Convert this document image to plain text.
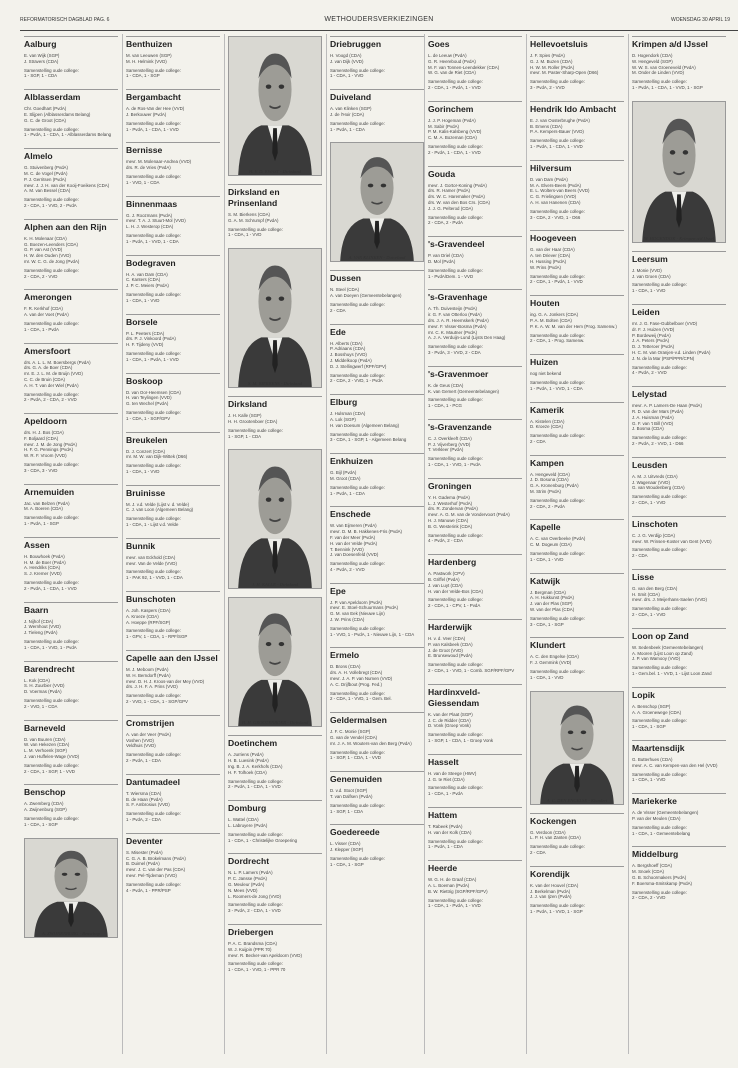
REFORMATORISCH DAGBLAD PAG. 6	WETHOUDERSVERKIEZINGEN	WOENSDAG 30 APRIL 19
Aalburg
E. van Wijk (SGP)
J. Stravers (CDA)
Samenstelling oude college:
1 - SGP, 1 - CDA
Alblasserdam
Chr. Goedhart (PvdA)
E. Slijpen (Alblasserdams Belang)
G. C. de Groot (CDA)
Samenstelling oude college:
1 - PvdA, 1 - CDA, 1 - Alblasserdams Belang
Almelo
G. Stuivenberg (PvdA)
M. C. de Vogel (PvdA)
P. J. Gerritsen (PvdA)
mevr. J. J. H. van der Kooij-Foeikens (CDA)
A. M. van Bessel (CDA)
Samenstelling oude college:
2 - CDA, 1 - VVD, 2 - PvdA
Alphen aan den Rijn
K. H. Molenaar (CDA)
G. Boezen-Leenders (CDA)
G. P. van Ast (VVD)
H. W. den Ouden (VVD)
mr. W. C. G. de Jong (PvdA)
Samenstelling oude college:
2 - CDA, 2 - VVD
Amerongen
F. R. Kerkhof (CDA)
A. van der Voet (PvdA)
Samenstelling oude college:
1 - CDA, 1 - PvdA
Amersfoort
drs. A. L. L. M. Boersbergs (PvdA)
drs. G. A. de Boer (CDA)
mr. E. J. L. M. de Bruijn (VVD)
C. C. de Bruin (CDA)
A. H. T. van der Wiel (PvdA)
Samenstelling oude college:
2 - PvdA, 2 - CDA, 2 - VVD
Apeldoorn
drs. H. J. Bos (CDA)
F. Boljaard (CDA)
mevr. J. M. de Jong (PvdA)
H. F. G. Pennings (PvdA)
W. R. F. Vroom (VVD)
Samenstelling oude college:
3 - CDA, 3 - VVD
Arnemuiden
Jac. van Belzen (PvdA)
M. A. Boeren (CDA)
Samenstelling oude college:
1 - PvdA, 1 - SGP
Assen
H. Bouwhoek (PvdA)
H. M. de Boer (PvdA)
A. Hendriks (CDA)
S. J. Kremer (VVD)
Samenstelling oude college:
2 - PvdA, 1 - CDA, 1 - VVD
Baarn
J. Nijhof (CDA)
J. Wernhout (VVD)
J. Tieleng (PvdA)
Samenstelling oude college:
1 - CDA, 1 - VVD, 1 - PvdA
Barendrecht
L. Kok (CDA)
S. H. Zuurbier (VVD)
D. Voermas (PvdA)
Samenstelling oude college:
2 - VVD, 1 - CDA
Barneveld
D. van Buuren (CDA)
W. van Hekezen (CDA)
L. M. Verhoenk (SGP)
J. van Huffelen-Wage (VVD)
Samenstelling oude college:
2 - CDA, 1 - SGP, 1 - VVD
Benschop
A. Zwemberg (CDA)
A. Zwijnenburg (SGP)
Samenstelling oude college:
1 - CDA, 1 - SGP
A. ZWIJNENBURG - Benschop
Benthuizen
M. van Leeuwen (SGP)
M. H. Helmink (VVD)
Samenstelling oude college:
1 - CDA, 1 - SGP
Bergambacht
A. de Ros-Van der Hee (VVD)
J. Berkouwer (PvdA)
Samenstelling oude college:
1 - PvdA, 1 - CDA, 1 - VVD
Bernisse
mevr. M. Molenaar-Andrea (VVD)
drs. R. de Vries (PvdA)
Samenstelling oude college:
1 - VVD, 1 - CDA
Binnenmaas
G. J. Roozmans (PvdA)
mevr. T. A. J. Stuurt-Mol (VVD)
L. H. J. Westerop (CDA)
Samenstelling oude college:
1 - PvdA, 1 - VVD, 1 - CDA
Bodegraven
H. A. van Dam (CDA)
C. Kanters (CDA)
J. P. C. Meiers (PvdA)
Samenstelling oude college:
1 - CDA, 1 - VVD
Borsele
P. L. Peeters (CDA)
drs. P. J. Vinkoord (PvdA)
H. F. Tijdeny (VVD)
Samenstelling oude college:
1 - CDA, 1 - PvdA, 1 - VVD
Boskoop
D. van Oor-Heemsen (CDA)
H. van Teylingen (VVD)
G. ten Wechel (PvdA)
Samenstelling oude college:
1 - CDA, 1 - SGP/GPV
Breukelen
D. J. Conzert (CDA)
mr. M. W. van Dijk-Wittek (D66)
Samenstelling oude college:
1 - CDA, 1 - VVD
Bruinisse
M. J. v.d. Velde (Lijst v. d. Velde)
C. J. van Loon (Algemeen Belang)
Samenstelling oude college:
1 - CDA, 1 - Lijst v.d. Velde
Bunnik
mevr. van Eckhold (CDA)
mevr. Van de Velde (VVD)
Samenstelling oude college:
1 - PAK 92, 1 - VVD, 1 - CDA
Bunschoten
A. Joh. Kaspers (CDA)
A. Kroeze (CDA)
A. Hoeppe (RPF/SGP)
Samenstelling oude college:
1 - GPV, 1 - CDA, 1 - RPF/SGP
Capelle aan den IJssel
M. J. Meboom (PvdA)
W. H. Berndorff (PvdA)
mevr. D. H. J. Kroos-van der Mey (VVD)
drs. J. H. F. A. Prins (VVD)
Samenstelling oude college:
2 - VVD, 1 - CDA, 1 - SGP/GPV
Cromstrijen
A. van der Veer (PvdA)
Voshen (VVD)
Veldhuis (VVD)
Samenstelling oude college:
2 - PvdA, 1 - CDA
Dantumadeel
T. Wiersma (CDA)
B. de Haan (PvdA)
S. F. Ambrosius (VVD)
Samenstelling oude college:
1 - PvdA, 2 - CDA
Deventer
S. Misester (PvdA)
C. G. A. B. Brokelmans (PvdA)
B. Duimel (PvdA)
mevr. J. C. van der Pas (CDA)
mevr. Pel-Tijdeman (VVD)
Samenstelling oude college:
4 - PvdA, 1 - PPR/PSP
H. V. D. KWAST - Dirksland
Dirksland en Prinsenland
S. M. Bierkens (CDA)
G. A. M. Schrumpf (PvdA)
Samenstelling oude college:
1 - CDA, 1 - VVD
S. M. BIERKENS - Dirksland
Dirksland
J. H. Kalle (SGP)
H. H. Grootenboer (CDA)
Samenstelling oude college:
1 - SGP, 1 - CDA
J. H. KALLE - Dirksland
H. H. GROOTENBOER - Dirksland
Doetinchem
A. Jurriens (PvdA)
H. B. Luesink (PvdA)
Ing. B. J. A. Kerkhofs (CDA)
H. F. Tolhoek (CDA)
Samenstelling oude college:
2 - PvdA, 1 - CDA, 1 - VVD
Domburg
L. Wattel (CDA)
L. Labruyere (PvdA)
Samenstelling oude college:
1 - CDA, 1 - Christelijke Groepering
Dordrecht
N. L. P. Lamers (PvdA)
P. C. Jansse (PvdA)
G. Meuleur (PvdA)
N. Mees (VVD)
L. Roomers-de Jong (VVD)
Samenstelling oude college:
3 - PvdA, 2 - CDA, 1 - VVD
Driebergen
P. A. C. Brandsma (CDA)
W. J. Kuijpin (PPR 70)
mevr. R. Becker-van Apeldoorn (VVD)
Samenstelling oude college:
1 - CDA, 1 - VVD, 1 - PPR 70
Driebruggen
H. Voogd (CDA)
J. van Dijk (VVD)
Samenstelling oude college:
1 - CDA, 1 - VVD
Duiveland
A. van Klinken (SGP)
J. de l'Hoir (CDA)
Samenstelling oude college:
1 - PvdA, 1 - CDA
A. VAN KLINKEN - Duiveland
Dussen
N. Steel (CDA)
A. van Doeyen (Gemeentebelangen)
Samenstelling oude college:
2 - CDA
Ede
H. Alberts (CDA)
P. Adriaans (CDA)
J. Bosshuys (VVD)
J. Middelkoop (PvdA)
D. J. Stellingwerf (RPF/GPV)
Samenstelling oude college:
2 - CDA, 2 - VVD, 1 - PvdA
Elburg
J. Hulsman (CDA)
A. Lok (SGP)
H. van Doesum (Algemeen Belang)
Samenstelling oude college:
3 - CDA, 1 - SGP, 1 - Algemeen Belang
Enkhuizen
G. Bijl (PvdA)
M. Groot (CDA)
Samenstelling oude college:
1 - PvdA, 1 - CDA
Enschede
W. van Eijmeren (PvdA)
mevr. D. M. B. Hakkenes-Fris (PvdA)
F. van der Meer (PvdA)
H. van der Velde (PvdA)
T. Bennink (VVD)
J. van Doesenfeld (VVD)
Samenstelling oude college:
4 - PvdA, 2 - VVD
Epe
J. P. van Apeldoorn (PvdA)
mevr. E. Stoel-Schuurmans (PvdA)
G. M. van Eek (Nieuwe Lijn)
J. W. Prins (CDA)
Samenstelling oude college:
1 - VVD, 1 - PvdA, 1 - Nieuwe Lijn, 1 - CDA
Ermelo
D. Brons (CDA)
drs. A. H. Vollebregt (CDA)
mevr. J. A. P. van Numen (VVD)
A. C. Drijfbout (Prog. Fed.)
Samenstelling oude college:
2 - CDA, 1 - VVD, 1 - Gem. Bel.
Geldermalsen
J. F. C. Monie (SGP)
G. van de Vendel (CDA)
mr. J. A. M. Wouters-van den Berg (PvdA)
Samenstelling oude college:
1 - SGP, 1 - CDA, 1 - VVD
Genemuiden
D. v.d. Stoot (SGP)
T. van Dalfsen (PvdA)
Samenstelling oude college:
1 - SGP, 1 - CDA
Goedereede
L. Visser (CDA)
J. Klepper (SGP)
Samenstelling oude college:
1 - CDA, 1 - SGP
Goes
L. de Leeuw (PvdA)
G. R. Heereboud (PvdA)
M. F. van Tonnen-Leendekker (CDA)
W. G. van de Riet (CDA)
Samenstelling oude college:
2 - CDA, 1 - PvdA, 1 - VVD
Gorinchem
J. J. P. Hogeman (PvdA)
M. Sabir (PvdA)
P. M. Kalis-Kalsbeng (VVD)
C. M. A. Bozeman (CDA)
Samenstelling oude college:
2 - PvdA, 1 - CDA, 1 - VVD
Gouda
mevr. J. Gortor-Koning (PvdA)
drs. R. Hamer (PvdA)
drs. W. C. Haremaker (PvdA)
drs. W. van den Bos Crs. (CDA)
J. J. G. Pelterod (CDA)
Samenstelling oude college:
2 - CDA, 2 - PvdA
's-Gravendeel
P. van Driel (CDA)
D. Mol (PvdA)
Samenstelling oude college:
1 - PvdA/Dem. 1 - VVD
's-Gravenhage
A. Th. Duivesteijn (PvdA)
ir. G. F. van Otterloo (PvdA)
drs. J. A. R. Heemskerk (PvdA)
mevr. F. Visser-Bosma (PvdA)
mr. C. K. Mautner (PvdA)
A. J. A. Verduijn-Lund (Lijsts Den Haag)
Samenstelling oude college:
3 - PvdA, 3 - VVD, 2 - CDA
's-Gravenmoer
K. de Geus (CDA)
K. van Gemert (Gemeentebelangen)
Samenstelling oude college:
1 - CDA, 1 - PCG
's-Gravenzande
C. J. Overkleeft (CDA)
P. J. Vijverberg (VVD)
T. Verkleer (PvdA)
Samenstelling oude college:
1 - CDA, 1 - VVD, 1 - PvdA
Groningen
Y. H. Gadema (PvdA)
L. J. Westerhof (PvdA)
drs. R. Zondervan (PvdA)
mevr. A. G. M. van de Vondervoort (PvdA)
H. J. Manuwe (CDA)
B. G. Westerink (CDA)
Samenstelling oude college:
4 - PvdA, 2 - CDA
Hardenberg
A. Pastwork (CPV)
B. Griffel (PvdA)
J. van Luyt (CDA)
H. van der Velde-Bos (CDA)
Samenstelling oude college:
2 - CDA, 1 - CPV, 1 - PvdA
Harderwijk
H. v. d. Veer (CDA)
P. van Kalsbeek (CDA)
J. de Groot (VVD)
E. Brunsewoud (PvdA)
Samenstelling oude college:
2 - CDA, 1 - VVD, 1 - Comb. SGP/RPF/GPV
Hardinxveld-Giessendam
K. van der Plaat (SGP)
J. C. de Ridder (CDA)
D. Vonk (Groep Vonk)
Samenstelling oude college:
1 - SGP, 1 - CDA, 1 - Groep Vonk
Hasselt
H. van de Steege (HWV)
J. G. te Riet (CDA)
Samenstelling oude college:
1 - CDA, 1 - PvdA
Hattem
T. Rabeek (PvdA)
H. van der Kolk (CDA)
Samenstelling oude college:
1 - PvdA, 1 - CDA
Heerde
W. G. H. de Graaf (CDA)
A. L. Boeman (PvdA)
B. W. Riettrig (SGP/RPF/GPV)
Samenstelling oude college:
1 - CDA, 1 - PvdA, 1 - VVD
Hellevoetsluis
J. F. Spies (PvdA)
G. J. M. Buzen (CDA)
H. W. M. Roller (PvdA)
mevr. M. Paster-Sharp-Open (D66)
Samenstelling oude college:
3 - PvdA, 2 - VVD
Hendrik Ido Ambacht
E. J. van Oosterbrughe (PvdA)
B. Emens (CDA)
P. A. Kempers-Bauer (VVD)
Samenstelling oude college:
1 - PvdA, 1 - CDA, 1 - VVD
Hilversum
D. van Dam (PvdA)
M. A. Elvers-Beers (PvdA)
E. L. Wolters-van Beers (VVD)
C. G. Frielingsen (VVD)
A. H. van Hanenen (CDA)
Samenstelling oude college:
3 - CDA, 2 - VVD, 1 - D66
Hoogeveen
G. van der Haar (CDA)
A. ten Driever (CDA)
H. Hussing (PvdA)
W. Prins (PvdA)
Samenstelling oude college:
2 - CDA, 1 - PvdA, 1 - VVD
Houten
ing. G. A. Jonkers (CDA)
P. A. M. Bolten (CDA)
P. K. A. W. M. van der Hem (Prog. Samenw.)
Samenstelling oude college:
2 - CDA, 1 - Prog. Samenw.
Huizen
nog niet bekend
Samenstelling oude college:
1 - PvdA, 1 - VVD, 1 - CDA
Kamerik
A. Kistelen (CDA)
D. Kroeze (CDA)
Samenstelling oude college:
2 - CDA
Kampen
A. Hengeveld (CDA)
J. D. Bosuna (CDA)
G. A. Kronenburg (PvdA)
M. Strim (PvdA)
Samenstelling oude college:
2 - CDA, 2 - PvdA
Kapelle
A. C. van Overbeeke (PvdA)
C. M. Dogeum (CDA)
Samenstelling oude college:
1 - CDA, 1 - VVD
Katwijk
J. Bergman (CDA)
A. H. Hukkunst (PvdA)
J. van der Plas (SGP)
W. van der Plas (CDA)
Samenstelling oude college:
3 - CDA, 1 - SGP
Klundert
A. C. den Engelse (CDA)
F. J. Gemmink (VVD)
Samenstelling oude college:
1 - CDA, 1 - VVD
A. C. DEN ENGELSE - Klundert
Kockengen
G. Verdoon (CDA)
L. P. H. van Zanten (CDA)
Samenstelling oude college:
2 - CDA
Korendijk
K. van der Houvel (CDA)
J. Berkelman (PvdA)
J. J. van Ijzen (PvdA)
Samenstelling oude college:
1 - PvdA, 1 - VVD, 1 - SGP
Krimpen a/d IJssel
D. Hogendork (CDA)
W. Hengeveld (SGP)
W. W. S. van Groeneveld (PvdA)
M. Onder de Linden (VVD)
Samenstelling oude college:
1 - PvdA, 1 - CDA, 1 - VVD, 1 - SGP
W. HOGENDIJK - Krimpen a/d IJssel
Leersum
J. Monie (VVD)
J. van Groen (CDA)
Samenstelling oude college:
1 - CDA, 1 - VVD
Leiden
mr. J. G. Fase-Gubbelboer (VVD)
dr. F. J. Huizen (VVD)
P. Bordeweij (PvdA)
J. A. Peters (PvdA)
D. J. Tetteroer (PvdA)
H. C. M. van Oranjen-v.d. Linden (PvdA)
J. N. de la Mar (PSP/PPR/CPN)
Samenstelling oude college:
4 - PvdA, 2 - VVD
Lelystad
mevr. A. P. Lamers-De Haan (PvdA)
R. D. van der Mars (PvdA)
J. A. Huisman (PvdA)
G. F. van 't Bill (VVD)
J. Bosma (CDA)
Samenstelling oude college:
2 - PvdA, 2 - VVD, 1 - D66
Leusden
A. M. J. Uitvreds (CDA)
J. Wagenaar (VVD)
G. van Woudenberg (CDA)
Samenstelling oude college:
2 - CDA, 1 - VVD
Linschoten
C. J. G. Verdijp (CDA)
mevr. W. Prinsen-Koster van Gent (VVD)
Samenstelling oude college:
2 - CDA
Lisse
G. van den Berg (CDA)
H. Smit (CDA)
mevr. drs. J. Meijerhans-Saelen (VVD)
Samenstelling oude college:
2 - CDA, 1 - VVD
Loon op Zand
W. Sedenbeek (Gemeentebelangen)
A. Mooren (Lijst Loon op Zand)
J. P. van Wamooy (VVD)
Samenstelling oude college:
1 - Gem.bel. 1 - VVD, 1 - Lijst Loon Zand
Lopik
A. Benschop (SGP)
A. A. Groenewege (CDA)
Samenstelling oude college:
1 - CDA, 1 - SGP
Maartensdijk
G. Butterhues (CDA)
mevr. A. C. van Kempen-van den Hel (VVD)
Samenstelling oude college:
1 - CDA, 1 - VVD
Mariekerke
A. de Visser (Gemeentebelangen)
P. van der Meulen (CDA)
Samenstelling oude college:
1 - CDA, 1 - Gemeentebelang
Middelburg
A. Bergshoeff (CDA)
M. Snoek (CDA)
G. B. Schoormakers (PvdA)
F. Boersma-Smitskamp (PvdA)
Samenstelling oude college:
2 - CDA, 2 - VVD
